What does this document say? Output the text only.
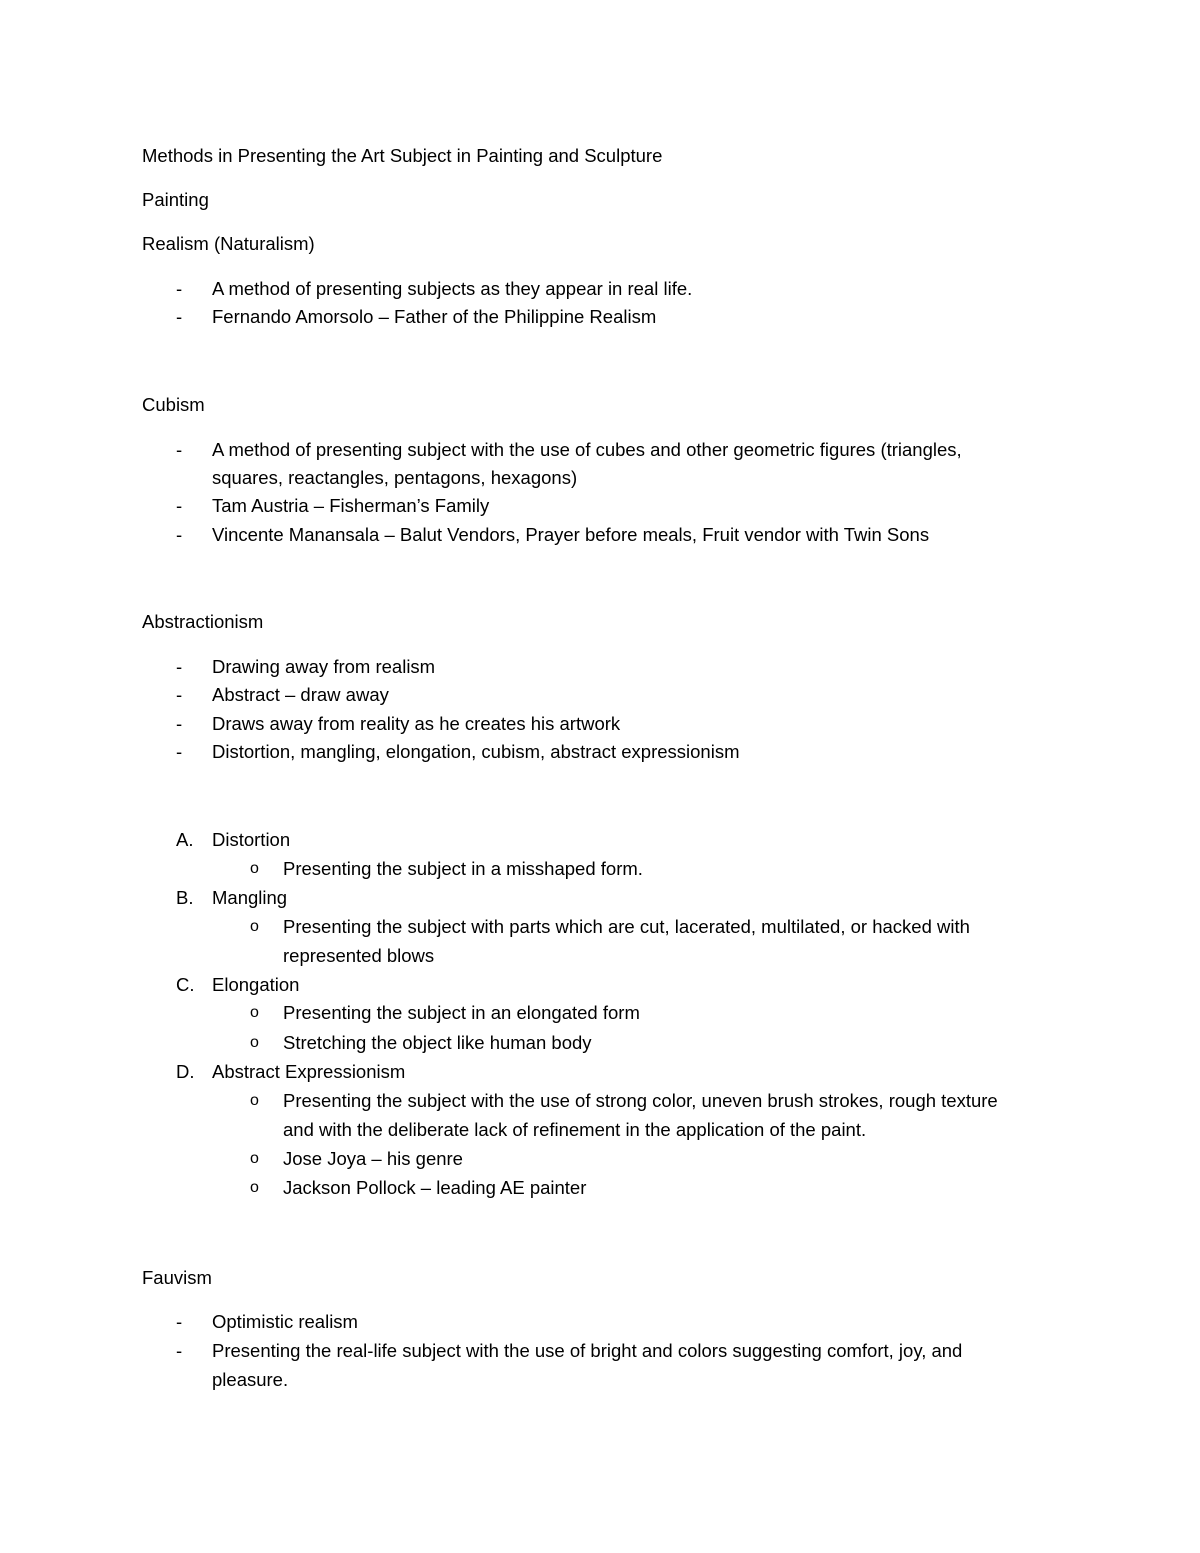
Methods in Presenting the Art Subject in Painting and Sculpture
Painting
Realism (Naturalism)
- A method of presenting subjects as they appear in real life.
- Fernando Amorsolo – Father of the Philippine Realism
Cubism
- A method of presenting subject with the use of cubes and other geometric figures (triangles,
squares, reactangles, pentagons, hexagons)
- Tam Austria – Fisherman’s Family
- Vincente Manansala – Balut Vendors, Prayer before meals, Fruit vendor with Twin Sons
Abstractionism
- Drawing away from realism
- Abstract – draw away
- Draws away from reality as he creates his artwork
- Distortion, mangling, elongation, cubism, abstract expressionism
A. Distortion
o Presenting the subject in a misshaped form.
B. Mangling
o Presenting the subject with parts which are cut, lacerated, multilated, or hacked with
represented blows
C. Elongation
o Presenting the subject in an elongated form
o Stretching the object like human body
D. Abstract Expressionism
o Presenting the subject with the use of strong color, uneven brush strokes, rough texture
and with the deliberate lack of refinement in the application of the paint.
o Jose Joya – his genre
o Jackson Pollock – leading AE painter
Fauvism
- Optimistic realism
- Presenting the real-life subject with the use of bright and colors suggesting comfort, joy, and
pleasure.
